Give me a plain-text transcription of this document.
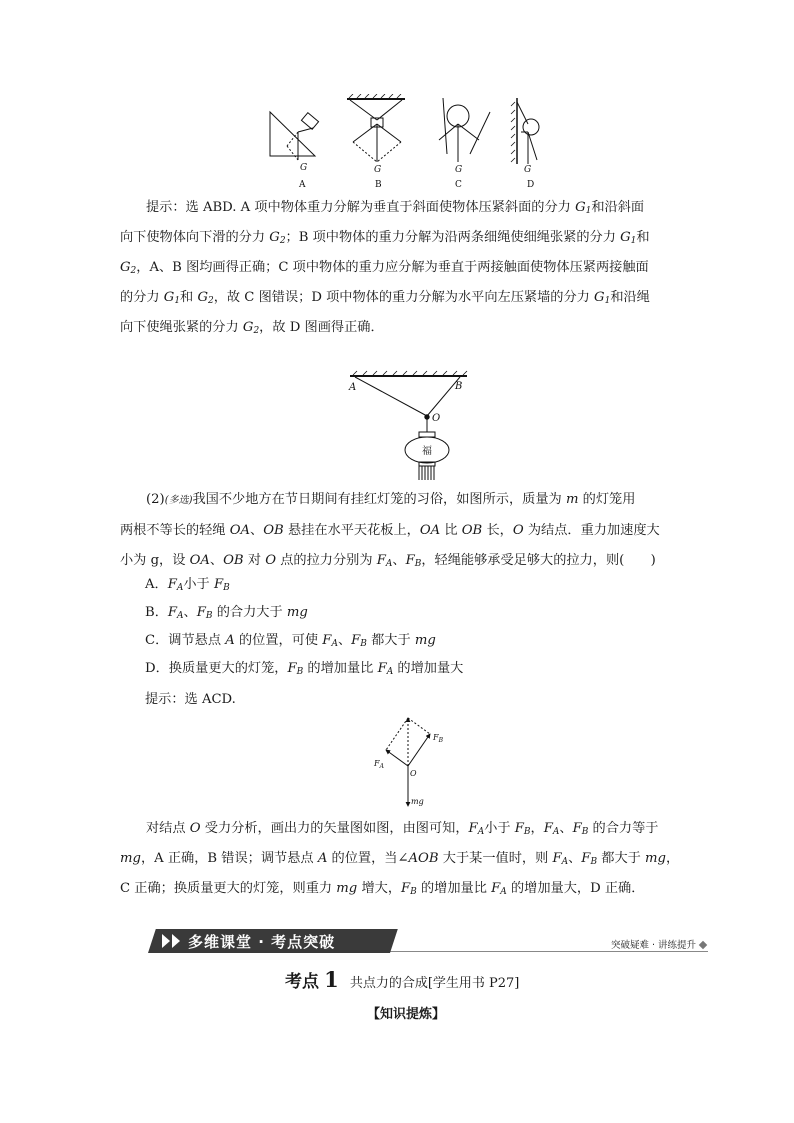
G	G	G	G
A	B	C	D
提示：选 ABD. A 项中物体重力分解为垂直于斜面使物体压紧斜面的分力 $G_1$和沿斜面
向下使物体向下滑的分力 $G_2$；B 项中物体的重力分解为沿两条细绳使细绳张紧的分力 $G_1$和
$G_2$，A、B 图均画得正确；C 项中物体的重力应分解为垂直于两接触面使物体压紧两接触面
的分力 $G_1$和 $G_2$，故 C 图错误；D 项中物体的重力分解为水平向左压紧墙的分力 $G_1$和沿绳
向下使绳张紧的分力 $G_2$，故 D 图画得正确．
A	B
O
福
(2)(多选)我国不少地方在节日期间有挂红灯笼的习俗，如图所示，质量为 m 的灯笼用
两根不等长的轻绳 OA、OB 悬挂在水平天花板上，OA 比 OB 长，O 为结点．重力加速度大
小为 g，设 OA、OB 对 O 点的拉力分别为 $F_A$、$F_B$，轻绳能够承受足够大的拉力，则(　　)
A．$F_A$小于 $F_B$
B．$F_A$、$F_B$ 的合力大于 mg
C．调节悬点 A 的位置，可使 $F_A$、$F_B$ 都大于 mg
D．换质量更大的灯笼，$F_B$ 的增加量比 $F_A$ 的增加量大
提示：选 ACD.
$F_B$
$F_A$
O
mg
对结点 O 受力分析，画出力的矢量图如图，由图可知，$F_A$小于 $F_B$，$F_A$、$F_B$ 的合力等于
mg，A 正确，B 错误；调节悬点 A 的位置，当∠AOB 大于某一值时，则 $F_A$、$F_B$ 都大于 mg，
C 正确；换质量更大的灯笼，则重力 mg 增大，$F_B$ 的增加量比 $F_A$ 的增加量大，D 正确．
多维课堂 · 考点突破	突破疑难 · 讲练提升
考点 1 共点力的合成[学生用书 P27]
【知识提炼】
